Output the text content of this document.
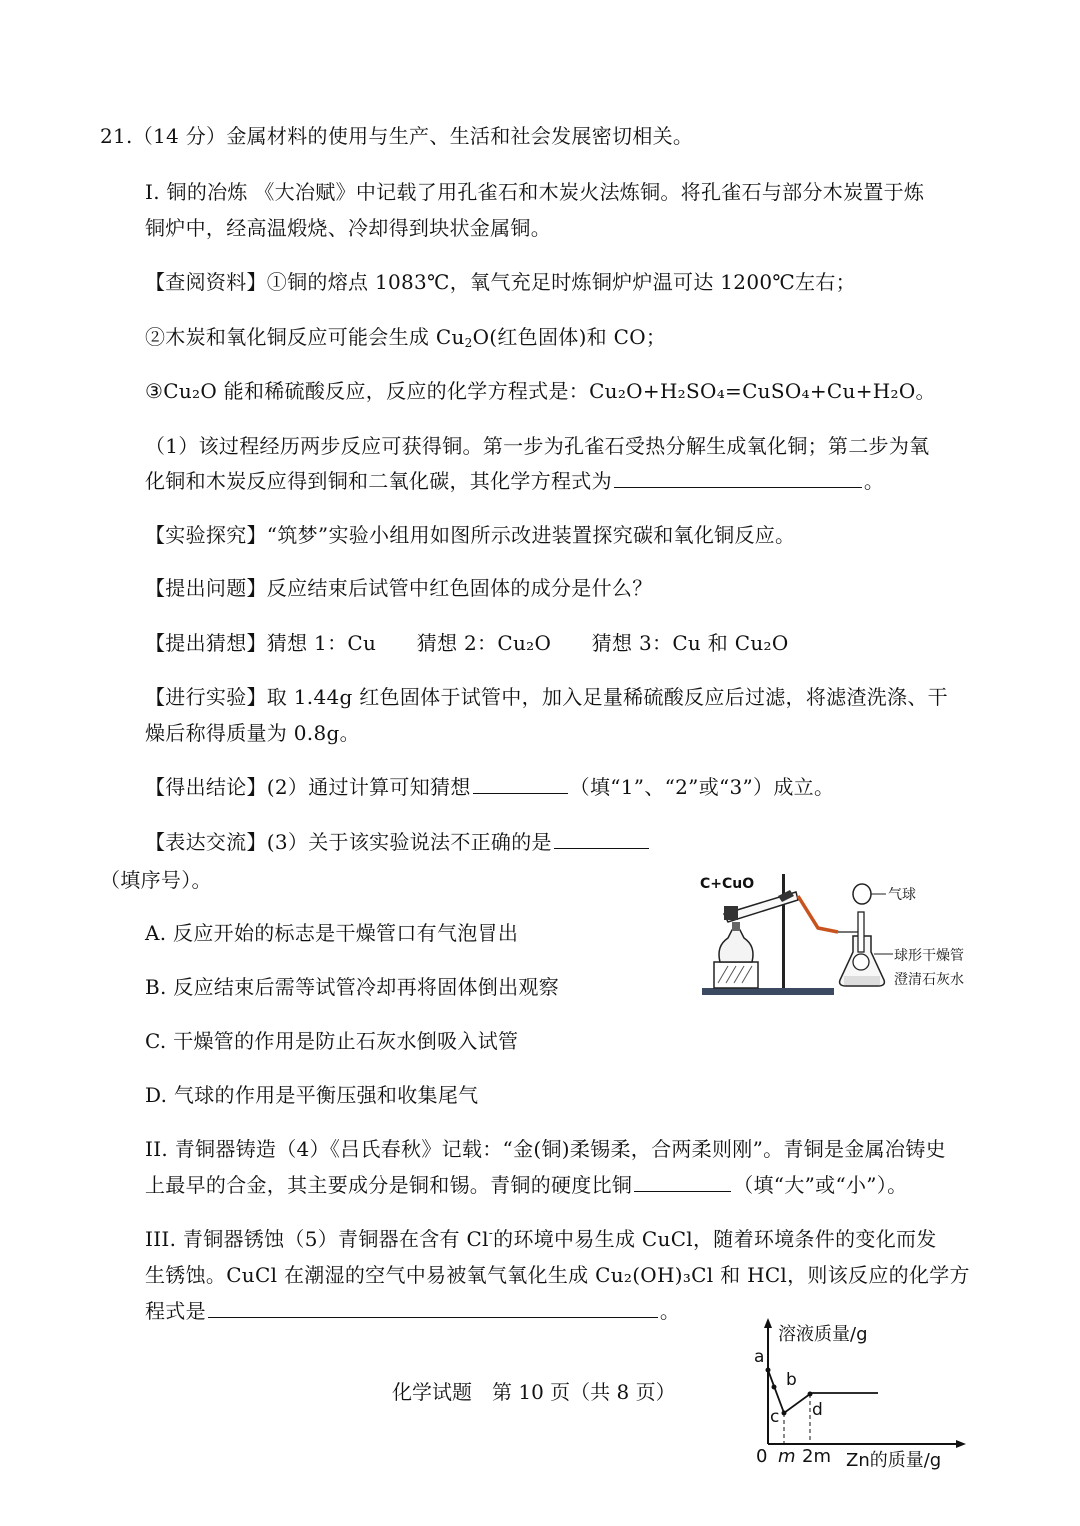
21.（14 分）金属材料的使用与生产、生活和社会发展密切相关。
I. 铜的冶炼 《大冶赋》中记载了用孔雀石和木炭火法炼铜。将孔雀石与部分木炭置于炼
铜炉中，经高温煅烧、冷却得到块状金属铜。
【查阅资料】①铜的熔点 1083℃，氧气充足时炼铜炉炉温可达 1200℃左右；
②木炭和氧化铜反应可能会生成 $Cu_2O$(红色固体)和 CO；
③Cu₂O 能和稀硫酸反应，反应的化学方程式是：Cu₂O+H₂SO₄=CuSO₄+Cu+H₂O。
（1）该过程经历两步反应可获得铜。第一步为孔雀石受热分解生成氧化铜；第二步为氧
化铜和木炭反应得到铜和二氧化碳，其化学方程式为	。
【实验探究】“筑梦”实验小组用如图所示改进装置探究碳和氧化铜反应。
【提出问题】反应结束后试管中红色固体的成分是什么？
【提出猜想】猜想 1：Cu　　猜想 2：Cu₂O　　猜想 3：Cu 和 Cu₂O
【进行实验】取 1.44g 红色固体于试管中，加入足量稀硫酸反应后过滤，将滤渣洗涤、干
燥后称得质量为 0.8g。
【得出结论】(2）通过计算可知猜想	（填“1”、“2”或“3”）成立。
【表达交流】(3）关于该实验说法不正确的是
（填序号）。
A. 反应开始的标志是干燥管口有气泡冒出
B. 反应结束后需等试管冷却再将固体倒出观察
C. 干燥管的作用是防止石灰水倒吸入试管
D. 气球的作用是平衡压强和收集尾气
II. 青铜器铸造（4）《吕氏春秋》记载：“金(铜)柔锡柔，合两柔则刚”。青铜是金属冶铸史
上最早的合金，其主要成分是铜和锡。青铜的硬度比铜	（填“大”或“小”）。
III. 青铜器锈蚀（5）青铜器在含有 Cl-的环境中易生成 CuCl，随着环境条件的变化而发
生锈蚀。CuCl 在潮湿的空气中易被氧气氧化生成 Cu₂(OH)₃Cl 和 HCl，则该反应的化学方
程式是	。
C+CuO
气球
球形干燥管
澄清石灰水
溶液质量/g
Zn的质量/g
0 m 2m
a
b
c d
化学试题　第 10 页（共 8 页）
